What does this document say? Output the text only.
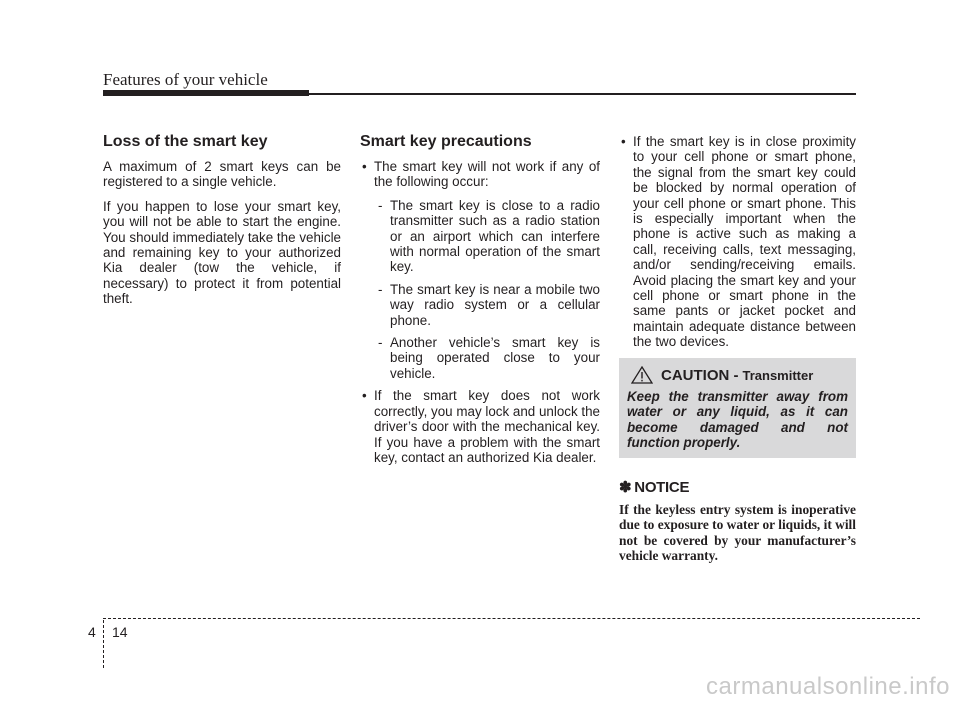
Features of your vehicle
Loss of the smart key

A maximum of 2 smart keys can be registered to a single vehicle.

If you happen to lose your smart key, you will not be able to start the engine. You should immediately take the vehicle and remaining key to your authorized Kia dealer (tow the vehicle, if necessary) to protect it from potential theft.

Smart key precautions
• The smart key will not work if any of the following occur:
- The smart key is close to a radio transmitter such as a radio station or an airport which can interfere with normal operation of the smart key.
- The smart key is near a mobile two way radio system or a cellular phone.
- Another vehicle’s smart key is being operated close to your vehicle.
• If the smart key does not work correctly, you may lock and unlock the driver’s door with the mechanical key. If you have a problem with the smart key, contact an authorized Kia dealer.
• If the smart key is in close proximity to your cell phone or smart phone, the signal from the smart key could be blocked by normal operation of your cell phone or smart phone. This is especially important when the phone is active such as making a call, receiving calls, text messaging, and/or sending/receiving emails. Avoid placing the smart key and your cell phone or smart phone in the same pants or jacket pocket and maintain adequate distance between the two devices.
CAUTION - Transmitter
Keep the transmitter away from water or any liquid, as it can become damaged and not function properly.
✽ NOTICE
If the keyless entry system is inoperative due to exposure to water or liquids, it will not be covered by your manufacturer’s vehicle warranty.
4 14
carmanualsonline.info
